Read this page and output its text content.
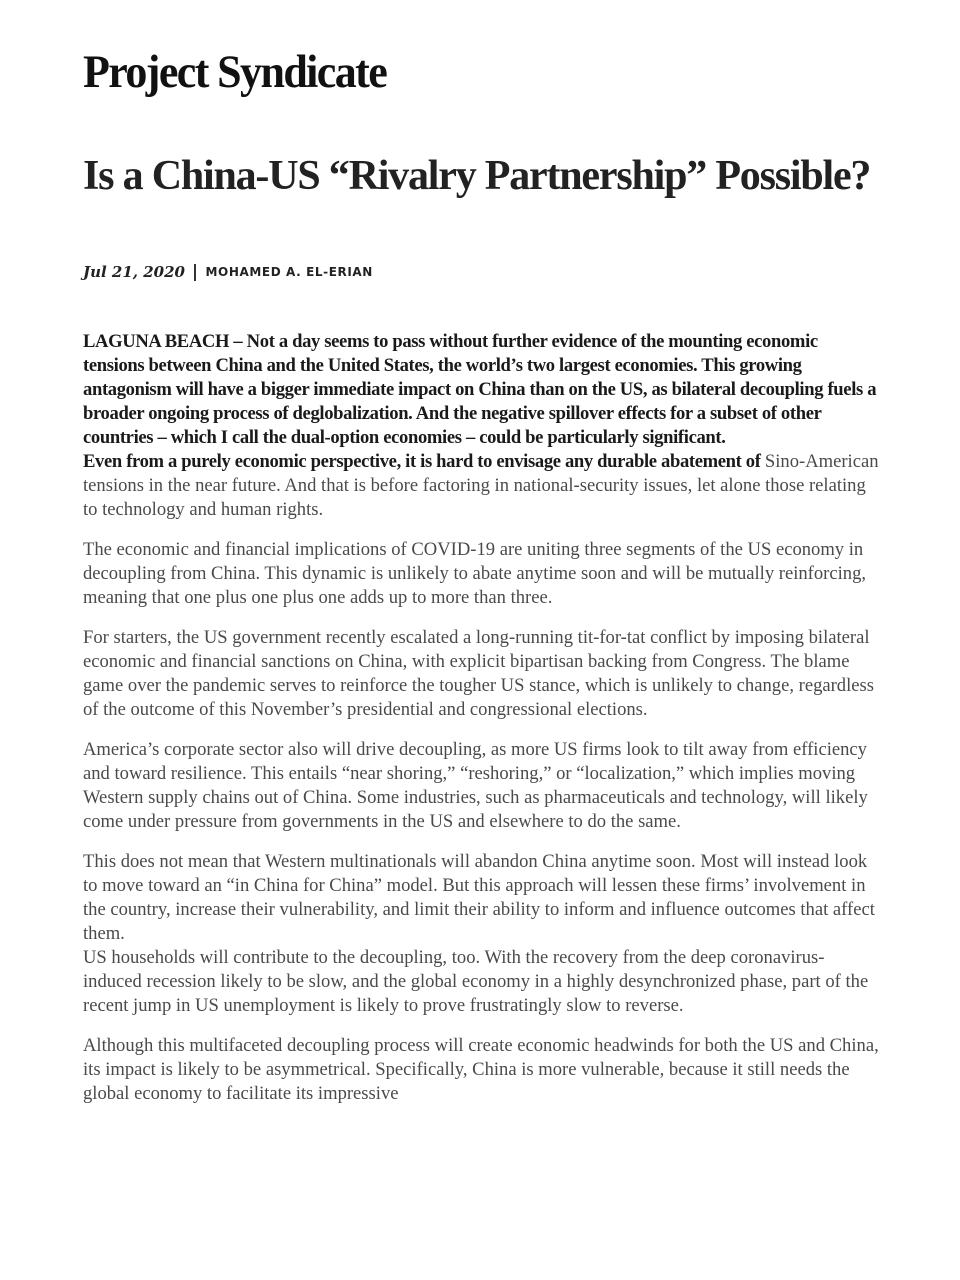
Project Syndicate
Is a China-US “Rivalry Partnership” Possible?
Jul 21, 2020 MOHAMED A. EL-ERIAN

LAGUNA BEACH – Not a day seems to pass without further evidence of the mounting economic tensions between China and the United States, the world’s two largest economies. This growing antagonism will have a bigger immediate impact on China than on the US, as bilateral decoupling fuels a broader ongoing process of deglobalization. And the negative spillover effects for a subset of other countries – which I call the dual-option economies – could be particularly significant.

Even from a purely economic perspective, it is hard to envisage any durable abatement of Sino-American tensions in the near future. And that is before factoring in national-security issues, let alone those relating to technology and human rights.

The economic and financial implications of COVID-19 are uniting three segments of the US economy in decoupling from China. This dynamic is unlikely to abate anytime soon and will be mutually reinforcing, meaning that one plus one plus one adds up to more than three.

For starters, the US government recently escalated a long-running tit-for-tat conflict by imposing bilateral economic and financial sanctions on China, with explicit bipartisan backing from Congress. The blame game over the pandemic serves to reinforce the tougher US stance, which is unlikely to change, regardless of the outcome of this November’s presidential and congressional elections.

America’s corporate sector also will drive decoupling, as more US firms look to tilt away from efficiency and toward resilience. This entails “near shoring,” “reshoring,” or “localization,” which implies moving Western supply chains out of China. Some industries, such as pharmaceuticals and technology, will likely come under pressure from governments in the US and elsewhere to do the same.

This does not mean that Western multinationals will abandon China anytime soon. Most will instead look to move toward an “in China for China” model. But this approach will lessen these firms’ involvement in the country, increase their vulnerability, and limit their ability to inform and influence outcomes that affect them.

US households will contribute to the decoupling, too. With the recovery from the deep coronavirus-induced recession likely to be slow, and the global economy in a highly desynchronized phase, part of the recent jump in US unemployment is likely to prove frustratingly slow to reverse.

Although this multifaceted decoupling process will create economic headwinds for both the US and China, its impact is likely to be asymmetrical. Specifically, China is more vulnerable, because it still needs the global economy to facilitate its impressive
